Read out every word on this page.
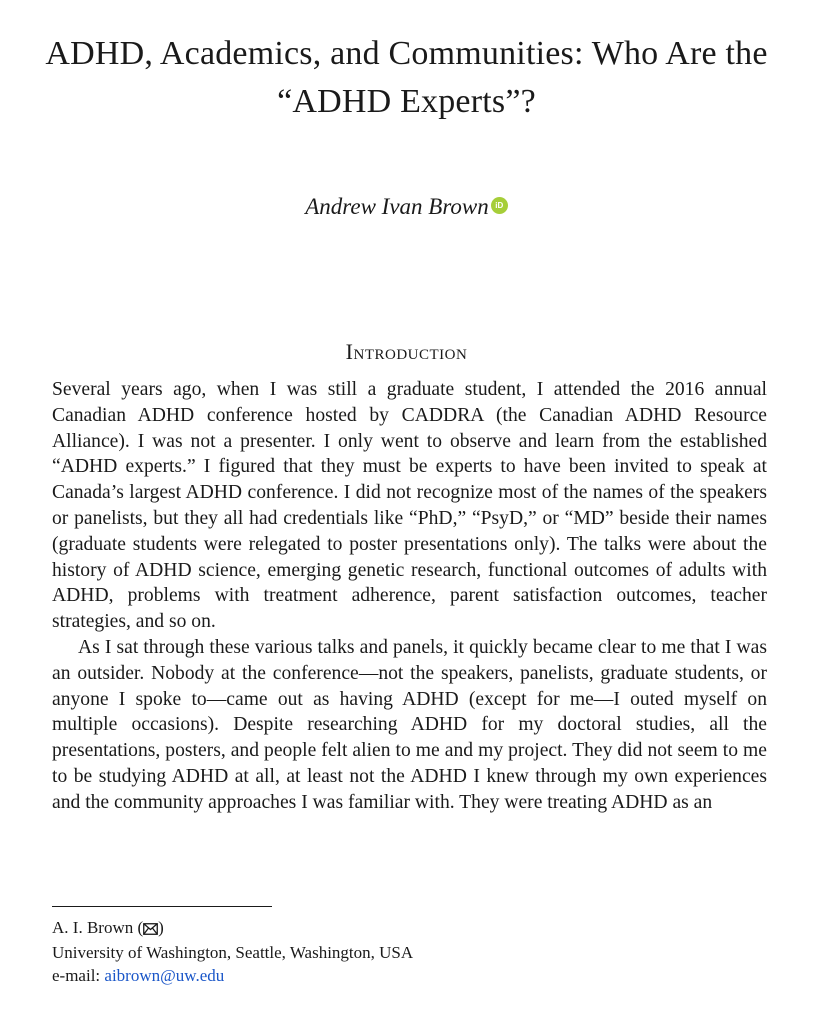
ADHD, Academics, and Communities: Who Are the “ADHD Experts”?
Andrew Ivan Brown iD
Introduction

Several years ago, when I was still a graduate student, I attended the 2016 annual Canadian ADHD conference hosted by CADDRA (the Canadian ADHD Resource Alliance). I was not a presenter. I only went to observe and learn from the established “ADHD experts.” I figured that they must be experts to have been invited to speak at Canada’s largest ADHD conference. I did not recognize most of the names of the speakers or panelists, but they all had credentials like “PhD,” “PsyD,” or “MD” beside their names (graduate students were relegated to poster presentations only). The talks were about the history of ADHD science, emerging genetic research, functional outcomes of adults with ADHD, problems with treatment adherence, parent satisfaction outcomes, teacher strategies, and so on.

As I sat through these various talks and panels, it quickly became clear to me that I was an outsider. Nobody at the conference—not the speakers, panelists, graduate students, or anyone I spoke to—came out as having ADHD (except for me—I outed myself on multiple occasions). Despite researching ADHD for my doctoral studies, all the presentations, posters, and people felt alien to me and my project. They did not seem to me to be studying ADHD at all, at least not the ADHD I knew through my own experiences and the community approaches I was familiar with. They were treating ADHD as an

A. I. Brown ( )
University of Washington, Seattle, Washington, USA
e-mail: aibrown@uw.edu
